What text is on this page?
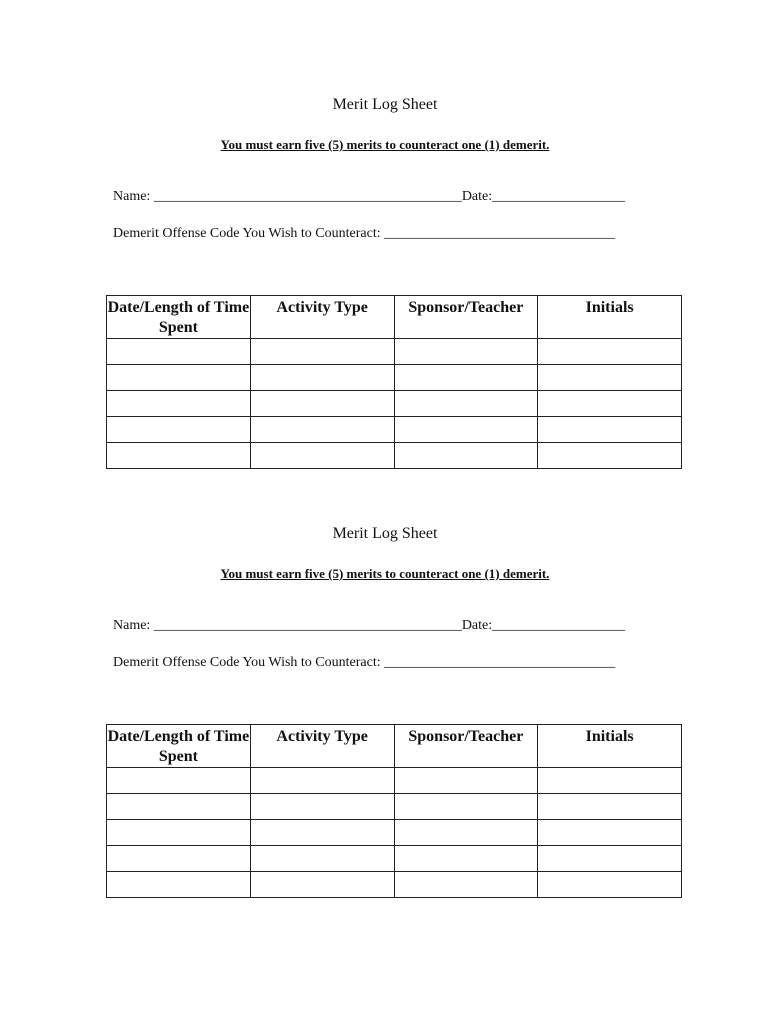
Merit Log Sheet
You must earn five (5) merits to counteract one (1) demerit.
Name: ____________________________________________Date:___________________
Demerit Offense Code You Wish to Counteract: _________________________________
Date/Length of Time Spent	Activity Type	Sponsor/Teacher	Initials

Merit Log Sheet
You must earn five (5) merits to counteract one (1) demerit.
Name: ____________________________________________Date:___________________
Demerit Offense Code You Wish to Counteract: _________________________________
Date/Length of Time Spent	Activity Type	Sponsor/Teacher	Initials
